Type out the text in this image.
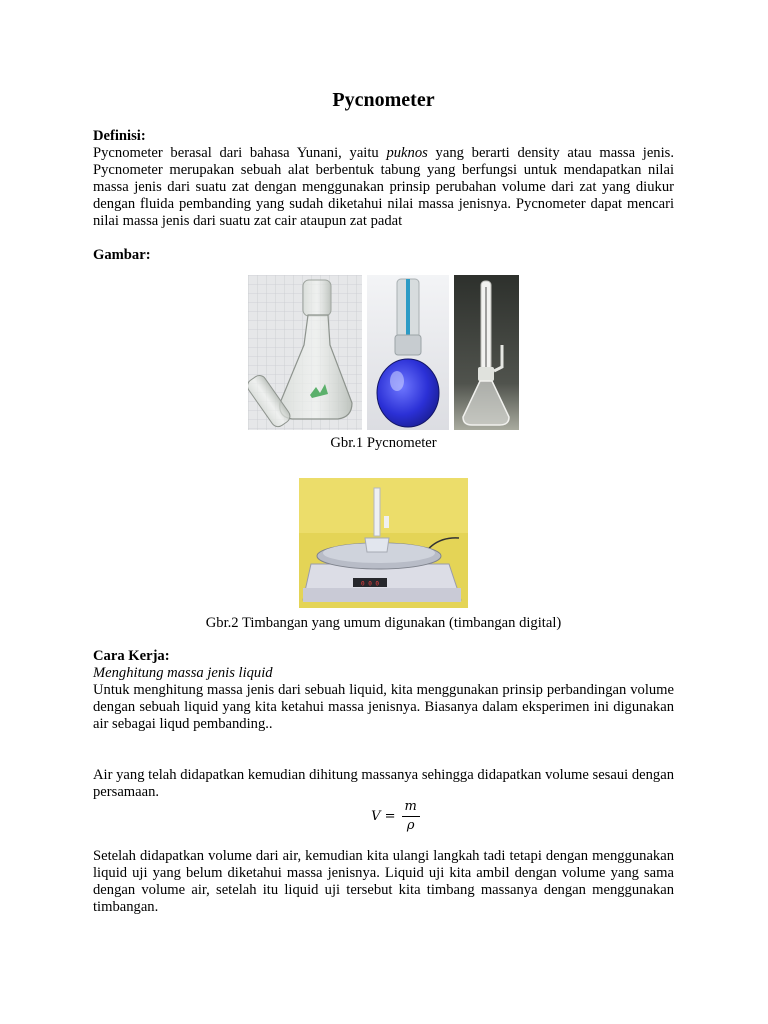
Pycnometer
Definisi:

Pycnometer berasal dari bahasa Yunani, yaitu puknos yang berarti density atau massa jenis. Pycnometer merupakan sebuah alat berbentuk tabung yang berfungsi untuk mendapatkan nilai massa jenis dari suatu zat dengan menggunakan prinsip perubahan volume dari zat yang diukur dengan fluida pembanding yang sudah diketahui nilai massa jenisnya. Pycnometer dapat mencari nilai massa jenis dari suatu zat cair ataupun zat padat

Gambar:
Gbr.1 Pycnometer
0 0 0
Gbr.2 Timbangan yang umum digunakan (timbangan digital)
Cara Kerja:

Menghitung massa jenis liquid

Untuk menghitung massa jenis dari sebuah liquid, kita menggunakan prinsip perbandingan volume dengan sebuah liquid yang kita ketahui massa jenisnya. Biasanya dalam eksperimen ini digunakan air sebagai liqud pembanding..

Air yang telah didapatkan kemudian dihitung massanya sehingga didapatkan volume sesaui dengan persamaan.

$V = \frac{m}{\rho}$

Setelah didapatkan volume dari air, kemudian kita ulangi langkah tadi tetapi dengan menggunakan liquid uji yang belum diketahui massa jenisnya. Liquid uji kita ambil dengan volume yang sama dengan volume air, setelah itu liquid uji tersebut kita timbang massanya dengan menggunakan timbangan.
